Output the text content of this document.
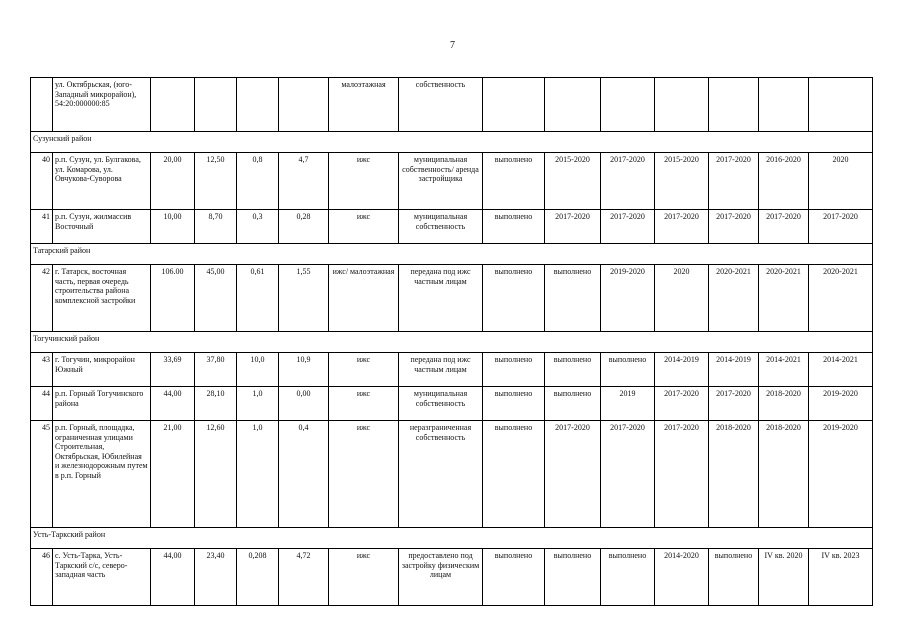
7
	ул. Октябрьская, (юго-Западный микрорайон), 54:20:000000:85					малоэтажная	собственность							
Сузунский район														
40	р.п. Сузун, ул. Булгакова, ул. Комарова, ул. Овчукова-Суворова	20,00	12,50	0,8	4,7	ижс	муниципальная собственность/ аренда застройщика	выполнено	2015-2020	2017-2020	2015-2020	2017-2020	2016-2020	2020
41	р.п. Сузун, жилмассив Восточный	10,00	8,70	0,3	0,28	ижс	муниципальная собственность	выполнено	2017-2020	2017-2020	2017-2020	2017-2020	2017-2020	2017-2020
Татарский район														
42	г. Татарск, восточная часть, первая очередь строительства района комплексной застройки	106.00	45,00	0,61	1,55	ижс/ малоэтажная	передана под ижс частным лицам	выполнено	выполнено	2019-2020	2020	2020-2021	2020-2021	2020-2021
Тогучинский район														
43	г. Тогучин, микрорайон Южный	33,69	37,80	10,0	10,9	ижс	передана под ижс частным лицам	выполнено	выполнено	выполнено	2014-2019	2014-2019	2014-2021	2014-2021
44	р.п. Горный Тогучинского района	44,00	28,10	1,0	0,00	ижс	муниципальная собственность	выполнено	выполнено	2019	2017-2020	2017-2020	2018-2020	2019-2020
45	р.п. Горный, площадка, ограниченная улицами Строительная, Октябрьская, Юбилейная и железнодорожным путем в р.п. Горный	21,00	12,60	1,0	0,4	ижс	неразграниченная собственность	выполнено	2017-2020	2017-2020	2017-2020	2018-2020	2018-2020	2019-2020
Усть-Таркский район														
46	с. Усть-Тарка, Усть-Таркский с/с, северо-западная часть	44,00	23,40	0,208	4,72	ижс	предоставлено под застройку физическим лицам	выполнено	выполнено	выполнено	2014-2020	выполнено	IV кв. 2020	IV кв. 2023
